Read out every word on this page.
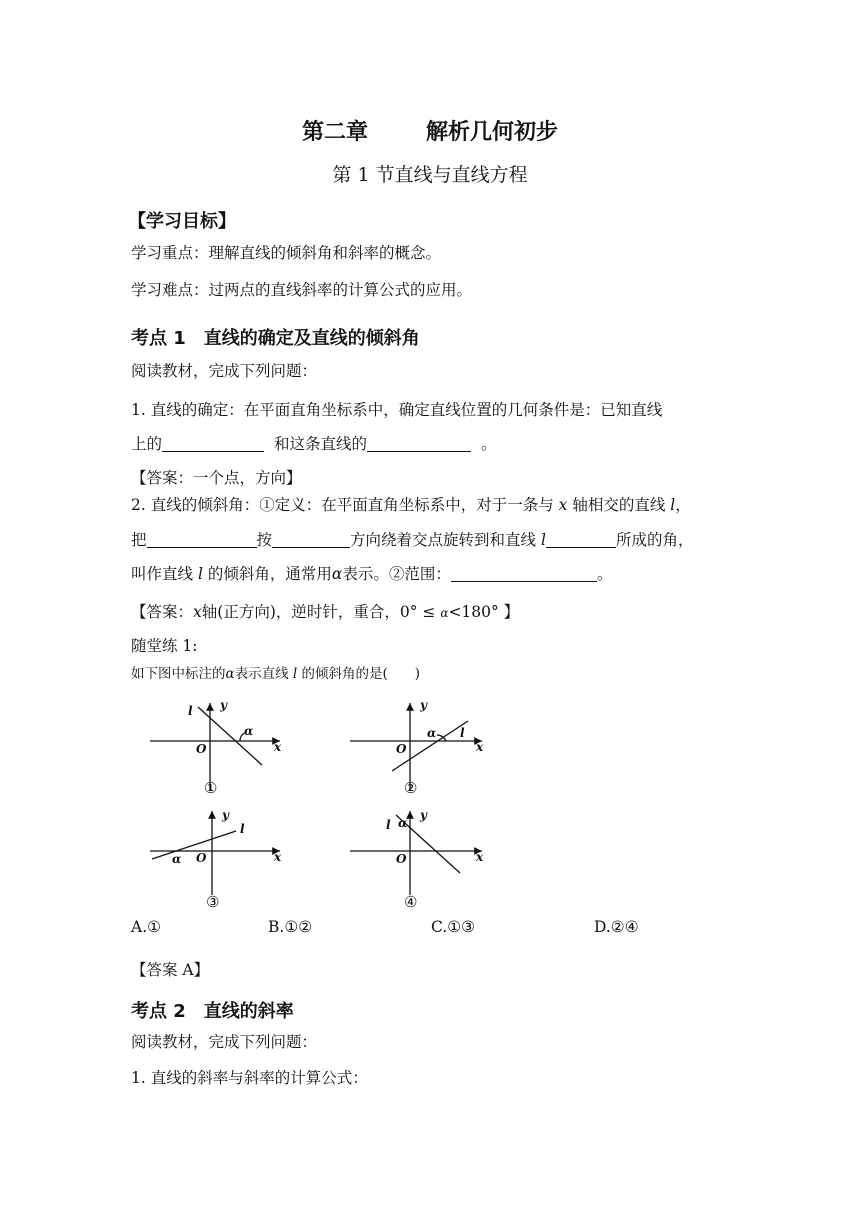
第二章	解析几何初步
第 1 节直线与直线方程
【学习目标】
学习重点：理解直线的倾斜角和斜率的概念。
学习难点：过两点的直线斜率的计算公式的应用。
考点 1　直线的确定及直线的倾斜角
阅读教材，完成下列问题：
1. 直线的确定：在平面直角坐标系中，确定直线位置的几何条件是：已知直线
上的	和这条直线的	。
【答案：一个点，方向】
2. 直线的倾斜角：①定义：在平面直角坐标系中，对于一条与 x 轴相交的直线 l，
把	按	方向绕着交点旋转到和直线 l	所成的角，
叫作直线 l 的倾斜角，通常用α表示。②范围：	。
【答案：x轴(正方向)，逆时针，重合，0° ≤ α<180° 】
随堂练 1:
如下图中标注的α表示直线 l 的倾斜角的是(　　)
l y
α
O	x
y
α l
O	x
y
l
α O	x
l α
y
O	x
①	②
③	④
A.①	B.①②	C.①③	D.②④
【答案 A】
考点 2　直线的斜率
阅读教材，完成下列问题：
1. 直线的斜率与斜率的计算公式：
